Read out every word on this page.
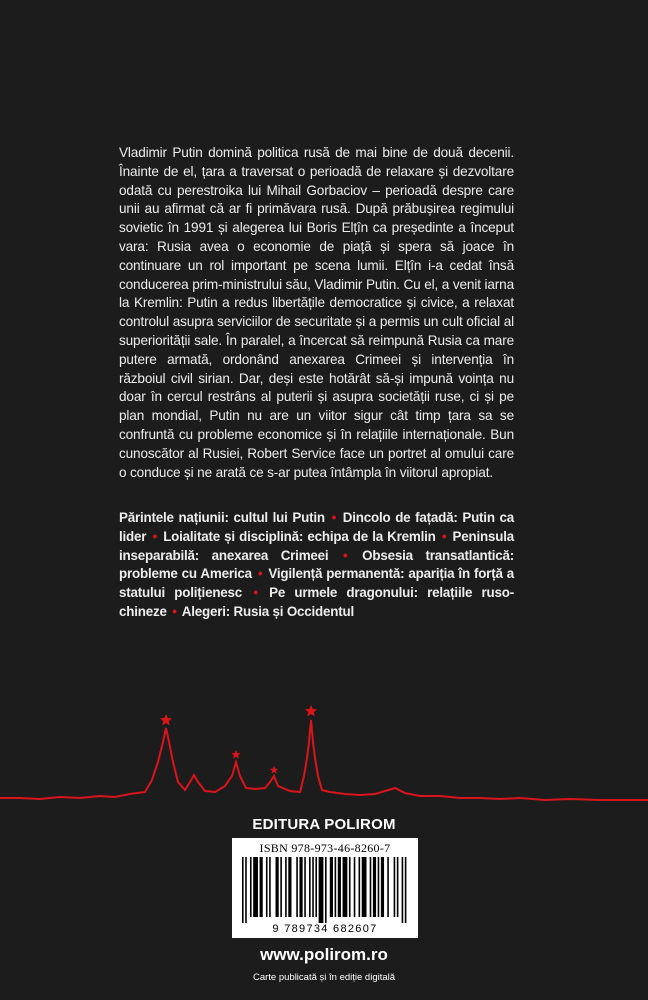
Vladimir Putin domină politica rusă de mai bine de două decenii. Înainte de el, țara a traversat o perioadă de relaxare și dezvoltare odată cu perestroika lui Mihail Gorbaciov – perioadă despre care unii au afirmat că ar fi primăvara rusă. După prăbușirea regimului sovietic în 1991 și alegerea lui Boris Elțîn ca președinte a început vara: Rusia avea o economie de piață și spera să joace în continuare un rol important pe scena lumii. Elțîn i-a cedat însă conducerea prim-ministrului său, Vladimir Putin. Cu el, a venit iarna la Kremlin: Putin a redus libertățile democratice și civice, a relaxat controlul asupra serviciilor de securitate și a permis un cult oficial al superiorității sale. În paralel, a încercat să reimpună Rusia ca mare putere armată, ordonând anexarea Crimeei și intervenția în războiul civil sirian. Dar, deși este hotărât să-și impună voința nu doar în cercul restrâns al puterii și asupra societății ruse, ci și pe plan mondial, Putin nu are un viitor sigur cât timp țara sa se confruntă cu probleme economice și în relațiile internaționale. Bun cunoscător al Rusiei, Robert Service face un portret al omului care o conduce și ne arată ce s-ar putea întâmpla în viitorul apropiat.

Părintele națiunii: cultul lui Putin • Dincolo de fațadă: Putin ca lider • Loialitate și disciplină: echipa de la Kremlin • Peninsula inseparabilă: anexarea Crimeei • Obsesia transatlantică: probleme cu America • Vigilență permanentă: apariția în forță a statului polițienesc • Pe urmele dragonului: relațiile ruso-chineze • Alegeri: Rusia și Occidentul

EDITURA POLIROM
ISBN 978-973-46-8260-7
9 789734 682607
www.polirom.ro
Carte publicată și în ediție digitală
